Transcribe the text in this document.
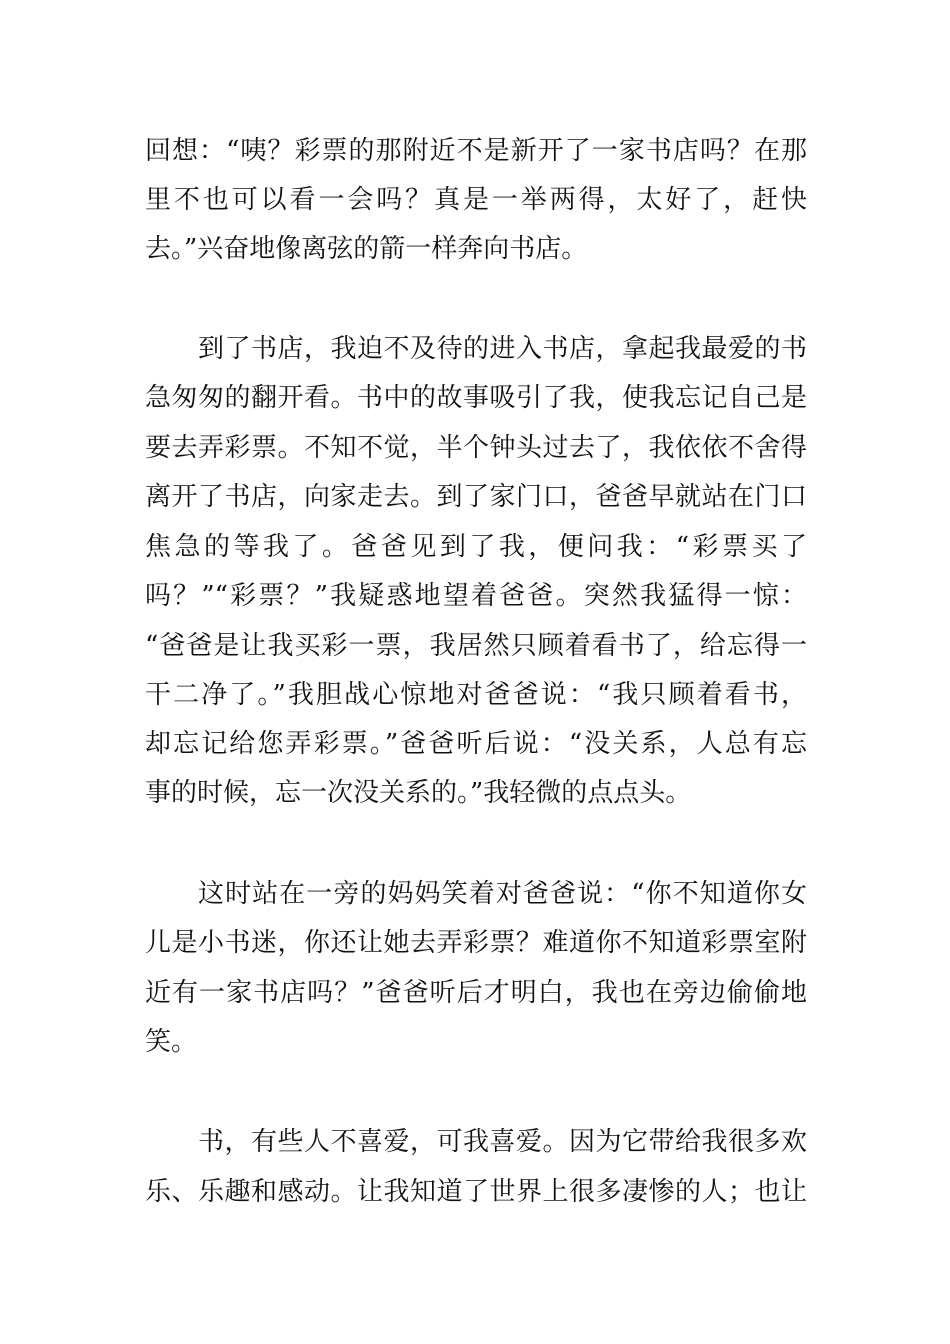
回想：“咦？彩票的那附近不是新开了一家书店吗？在那
里不也可以看一会吗？真是一举两得，太好了，赶快
去。”兴奋地像离弦的箭一样奔向书店。
到了书店，我迫不及待的进入书店，拿起我最爱的书
急匆匆的翻开看。书中的故事吸引了我，使我忘记自己是
要去弄彩票。不知不觉，半个钟头过去了，我依依不舍得
离开了书店，向家走去。到了家门口，爸爸早就站在门口
焦急的等我了。爸爸见到了我，便问我：“彩票买了
吗？”“彩票？”我疑惑地望着爸爸。突然我猛得一惊：
“爸爸是让我买彩一票，我居然只顾着看书了，给忘得一
干二净了。”我胆战心惊地对爸爸说：“我只顾着看书，
却忘记给您弄彩票。”爸爸听后说：“没关系，人总有忘
事的时候，忘一次没关系的。”我轻微的点点头。
这时站在一旁的妈妈笑着对爸爸说：“你不知道你女
儿是小书迷，你还让她去弄彩票？难道你不知道彩票室附
近有一家书店吗？”爸爸听后才明白，我也在旁边偷偷地
笑。
书，有些人不喜爱，可我喜爱。因为它带给我很多欢
乐、乐趣和感动。让我知道了世界上很多凄惨的人；也让
